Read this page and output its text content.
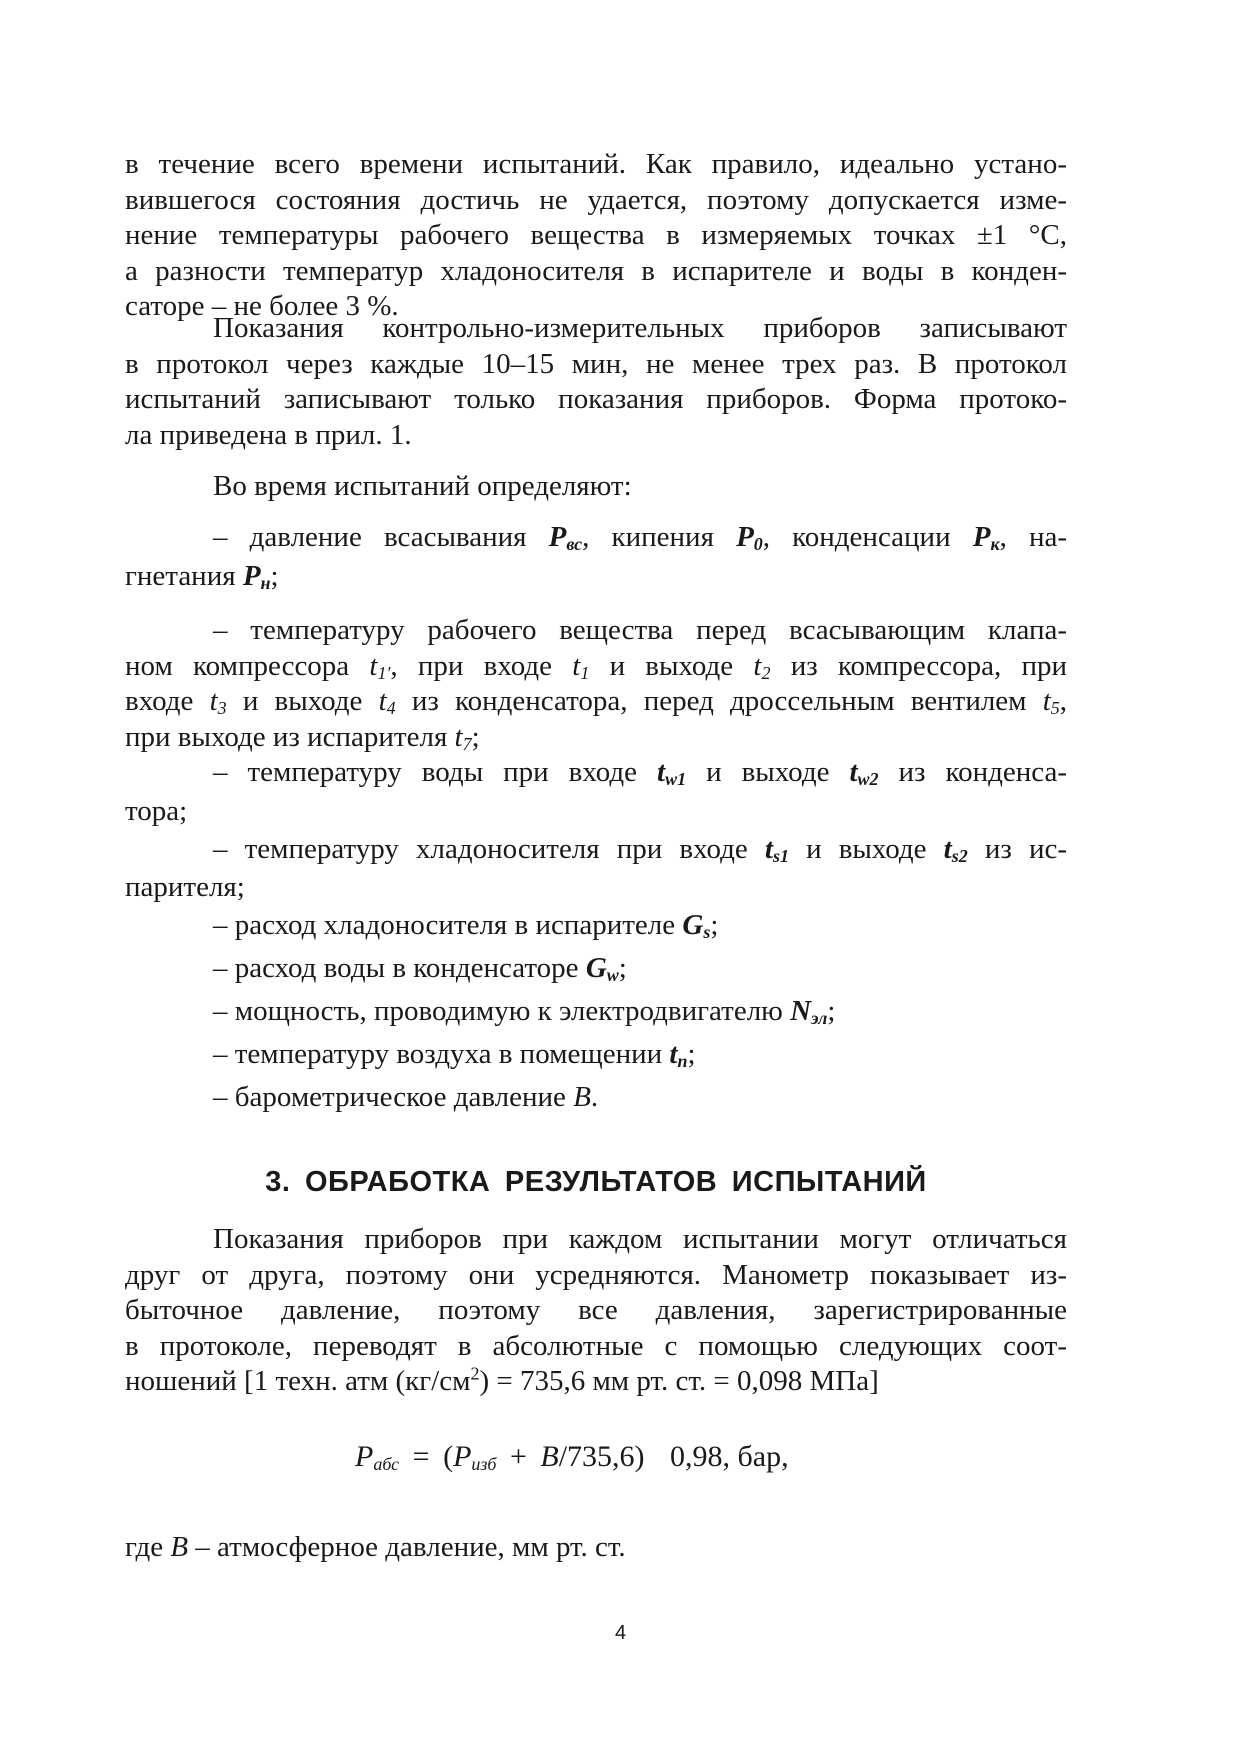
в течение всего времени испытаний. Как правило, идеально устано-
вившегося состояния достичь не удается, поэтому допускается изме-
нение температуры рабочего вещества в измеряемых точках ±1 °С,
а разности температур хладоносителя в испарителе и воды в конден-
саторе – не более 3 %.
Показания контрольно-измерительных приборов записывают
в протокол через каждые 10–15 мин, не менее трех раз. В протокол
испытаний записывают только показания приборов. Форма протоко-
ла приведена в прил. 1.
Во время испытаний определяют:
– давление всасывания $P_{вс}$, кипения $P_0$, конденсации $P_к$, на-
гнетания $P_н$;
– температуру рабочего вещества перед всасывающим клапа-
ном компрессора $t_{1'}$, при входе $t_1$ и выходе $t_2$ из компрессора, при
входе $t_3$ и выходе $t_4$ из конденсатора, перед дроссельным вентилем $t_5$,
при выходе из испарителя $t_7$;
– температуру воды при входе $t_{w1}$ и выходе $t_{w2}$ из конденса-
тора;
– температуру хладоносителя при входе $t_{s1}$ и выходе $t_{s2}$ из ис-
парителя;
– расход хладоносителя в испарителе $G_s$;
– расход воды в конденсаторе $G_w$;
– мощность, проводимую к электродвигателю $N_{эл}$;
– температуру воздуха в помещении $t_п$;
– барометрическое давление B.
3. ОБРАБОТКА РЕЗУЛЬТАТОВ ИСПЫТАНИЙ
Показания приборов при каждом испытании могут отличаться
друг от друга, поэтому они усредняются. Манометр показывает из-
быточное давление, поэтому все давления, зарегистрированные
в протоколе, переводят в абсолютные с помощью следующих соот-
ношений [1 техн. атм $(кг/см^2) = 735,6$ мм рт. ст. = 0,098 МПа]
$P_{абс} = (P_{изб} + B/735,6)$ 0,98, бар,
где B – атмосферное давление, мм рт. ст.
4
